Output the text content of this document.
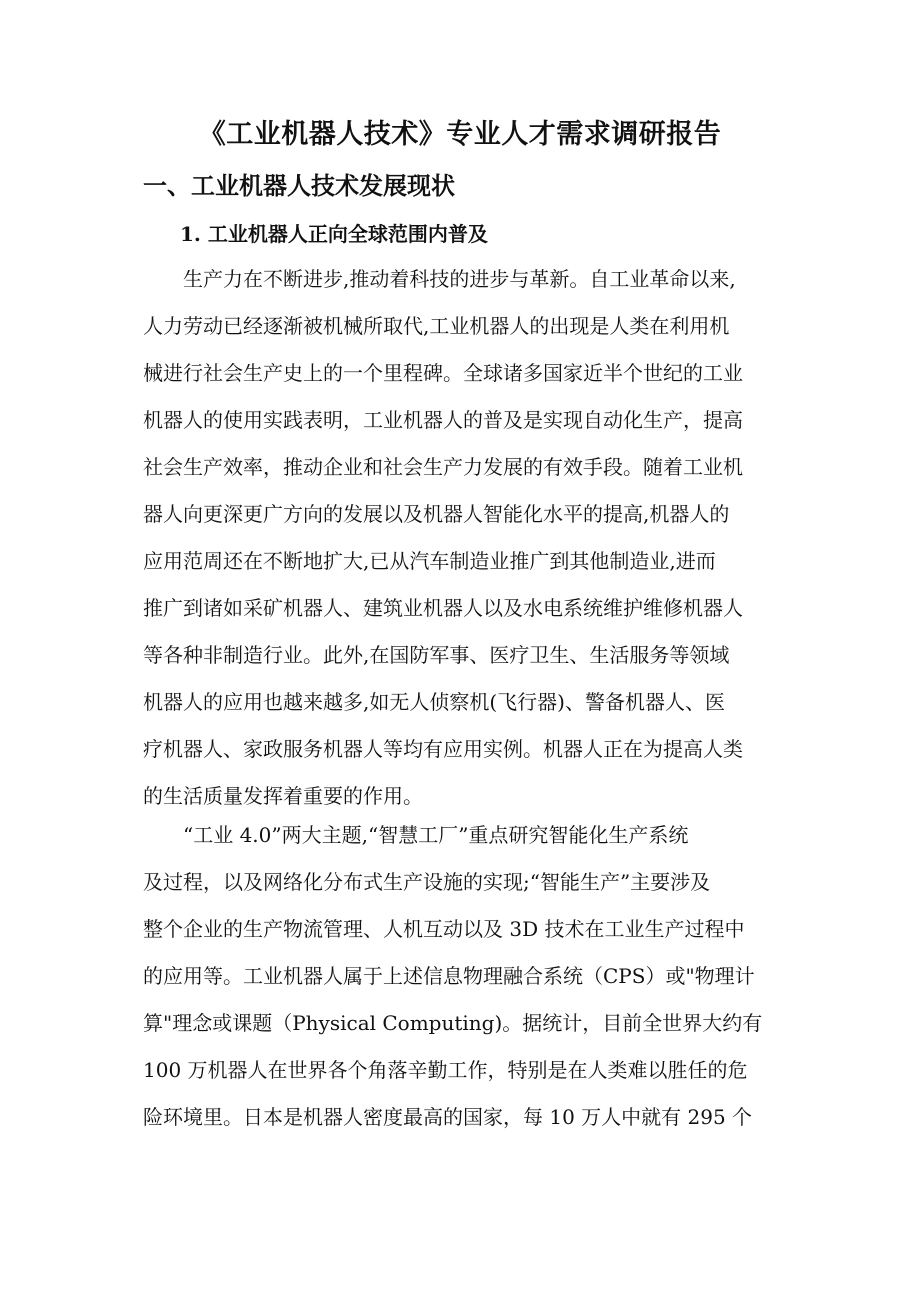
《工业机器人技术》专业人才需求调研报告
一、工业机器人技术发展现状
1. 工业机器人正向全球范围内普及
　　生产力在不断进步,推动着科技的进步与革新。自工业革命以来,
人力劳动已经逐渐被机械所取代,工业机器人的出现是人类在利用机
械进行社会生产史上的一个里程碑。全球诸多国家近半个世纪的工业
机器人的使用实践表明，工业机器人的普及是实现自动化生产，提高
社会生产效率，推动企业和社会生产力发展的有效手段。随着工业机
器人向更深更广方向的发展以及机器人智能化水平的提高,机器人的
应用范周还在不断地扩大,已从汽车制造业推广到其他制造业,进而
推广到诸如采矿机器人、建筑业机器人以及水电系统维护维修机器人
等各种非制造行业。此外,在国防军事、医疗卫生、生活服务等领域
机器人的应用也越来越多,如无人侦察机(飞行器)、警备机器人、医
疗机器人、家政服务机器人等均有应用实例。机器人正在为提高人类
的生活质量发挥着重要的作用。
　　“工业 4.0”两大主题,“智慧工厂”重点研究智能化生产系统
及过程，以及网络化分布式生产设施的实现;“智能生产”主要涉及
整个企业的生产物流管理、人机互动以及 3D 技术在工业生产过程中
的应用等。工业机器人属于上述信息物理融合系统（CPS）或"物理计
算"理念或课题（Physical Computing)。据统计，目前全世界大约有
100 万机器人在世界各个角落辛勤工作，特别是在人类难以胜任的危
险环境里。日本是机器人密度最高的国家，每 10 万人中就有 295 个
